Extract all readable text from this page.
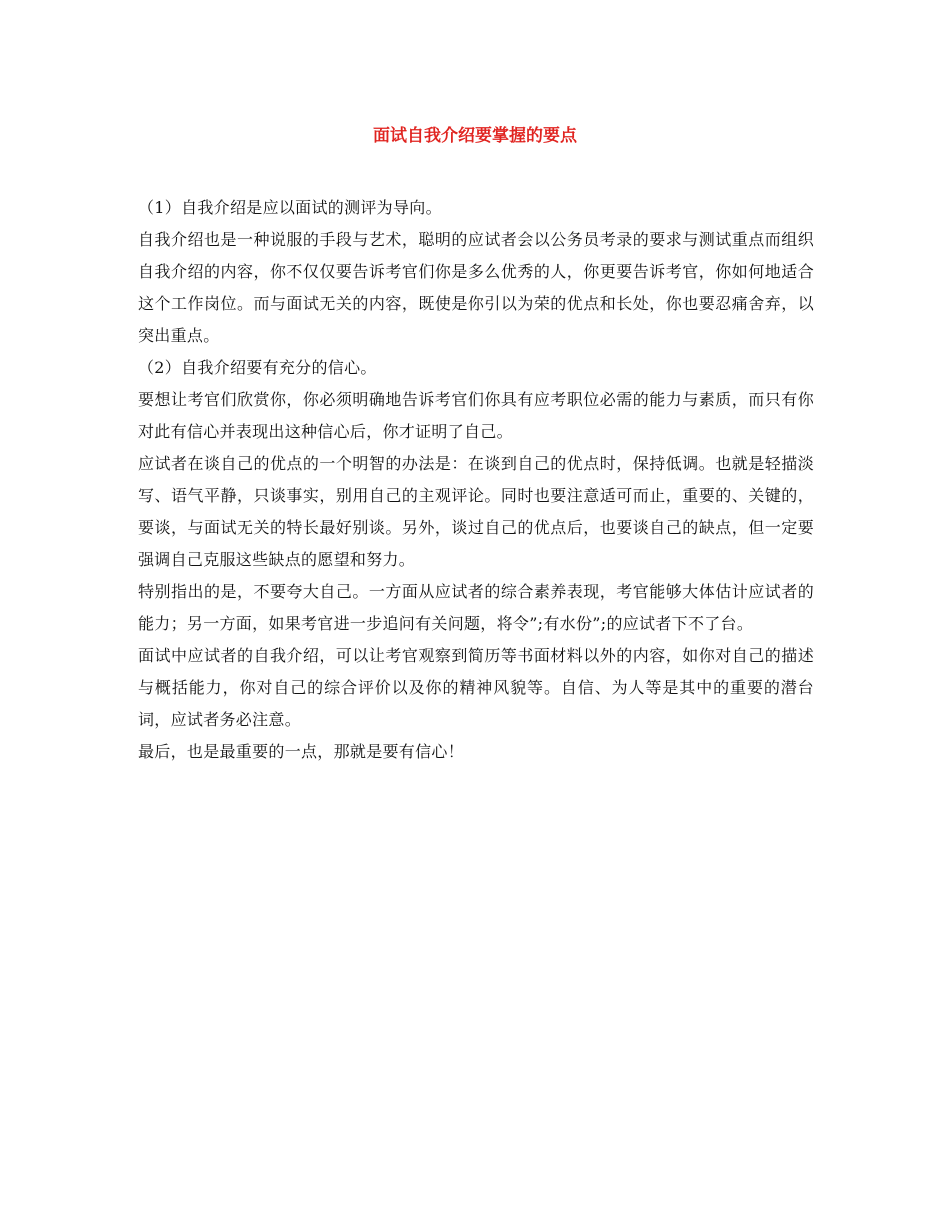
面试自我介绍要掌握的要点

（1）自我介绍是应以面试的测评为导向。

自我介绍也是一种说服的手段与艺术，聪明的应试者会以公务员考录的要求与测试重点而组织自我介绍的内容，你不仅仅要告诉考官们你是多么优秀的人，你更要告诉考官，你如何地适合这个工作岗位。而与面试无关的内容，既使是你引以为荣的优点和长处，你也要忍痛舍弃，以突出重点。

（2）自我介绍要有充分的信心。

要想让考官们欣赏你，你必须明确地告诉考官们你具有应考职位必需的能力与素质，而只有你对此有信心并表现出这种信心后，你才证明了自己。

应试者在谈自己的优点的一个明智的办法是：在谈到自己的优点时，保持低调。也就是轻描淡写、语气平静，只谈事实，别用自己的主观评论。同时也要注意适可而止，重要的、关键的，要谈，与面试无关的特长最好别谈。另外，谈过自己的优点后，也要谈自己的缺点，但一定要强调自己克服这些缺点的愿望和努力。

特别指出的是，不要夸大自己。一方面从应试者的综合素养表现，考官能够大体估计应试者的能力；另一方面，如果考官进一步追问有关问题，将令”;有水份”;的应试者下不了台。

面试中应试者的自我介绍，可以让考官观察到简历等书面材料以外的内容，如你对自己的描述与概括能力，你对自己的综合评价以及你的精神风貌等。自信、为人等是其中的重要的潜台词，应试者务必注意。

最后，也是最重要的一点，那就是要有信心！
